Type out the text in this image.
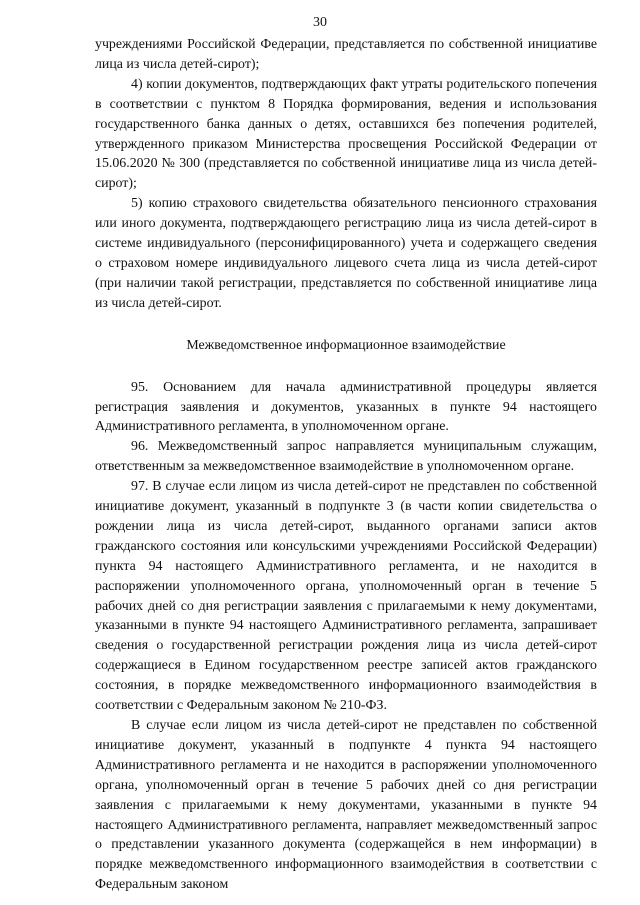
30

учреждениями Российской Федерации, представляется по собственной инициативе лица из числа детей-сирот);

4) копии документов, подтверждающих факт утраты родительского попечения в соответствии с пунктом 8 Порядка формирования, ведения и использования государственного банка данных о детях, оставшихся без попечения родителей, утвержденного приказом Министерства просвещения Российской Федерации от 15.06.2020 № 300 (представляется по собственной инициативе лица из числа детей-сирот);

5) копию страхового свидетельства обязательного пенсионного страхования или иного документа, подтверждающего регистрацию лица из числа детей-сирот в системе индивидуального (персонифицированного) учета и содержащего сведения о страховом номере индивидуального лицевого счета лица из числа детей-сирот (при наличии такой регистрации, представляется по собственной инициативе лица из числа детей-сирот.

Межведомственное информационное взаимодействие

95. Основанием для начала административной процедуры является регистрация заявления и документов, указанных в пункте 94 настоящего Административного регламента, в уполномоченном органе.

96. Межведомственный запрос направляется муниципальным служащим, ответственным за межведомственное взаимодействие в уполномоченном органе.

97. В случае если лицом из числа детей-сирот не представлен по собственной инициативе документ, указанный в подпункте 3 (в части копии свидетельства о рождении лица из числа детей-сирот, выданного органами записи актов гражданского состояния или консульскими учреждениями Российской Федерации) пункта 94 настоящего Административного регламента, и не находится в распоряжении уполномоченного органа, уполномоченный орган в течение 5 рабочих дней со дня регистрации заявления с прилагаемыми к нему документами, указанными в пункте 94 настоящего Административного регламента, запрашивает сведения о государственной регистрации рождения лица из числа детей-сирот содержащиеся в Едином государственном реестре записей актов гражданского состояния, в порядке межведомственного информационного взаимодействия в соответствии с Федеральным законом № 210-ФЗ.

В случае если лицом из числа детей-сирот не представлен по собственной инициативе документ, указанный в подпункте 4 пункта 94 настоящего Административного регламента и не находится в распоряжении уполномоченного органа, уполномоченный орган в течение 5 рабочих дней со дня регистрации заявления с прилагаемыми к нему документами, указанными в пункте 94 настоящего Административного регламента, направляет межведомственный запрос о представлении указанного документа (содержащейся в нем информации) в порядке межведомственного информационного взаимодействия в соответствии с Федеральным законом
